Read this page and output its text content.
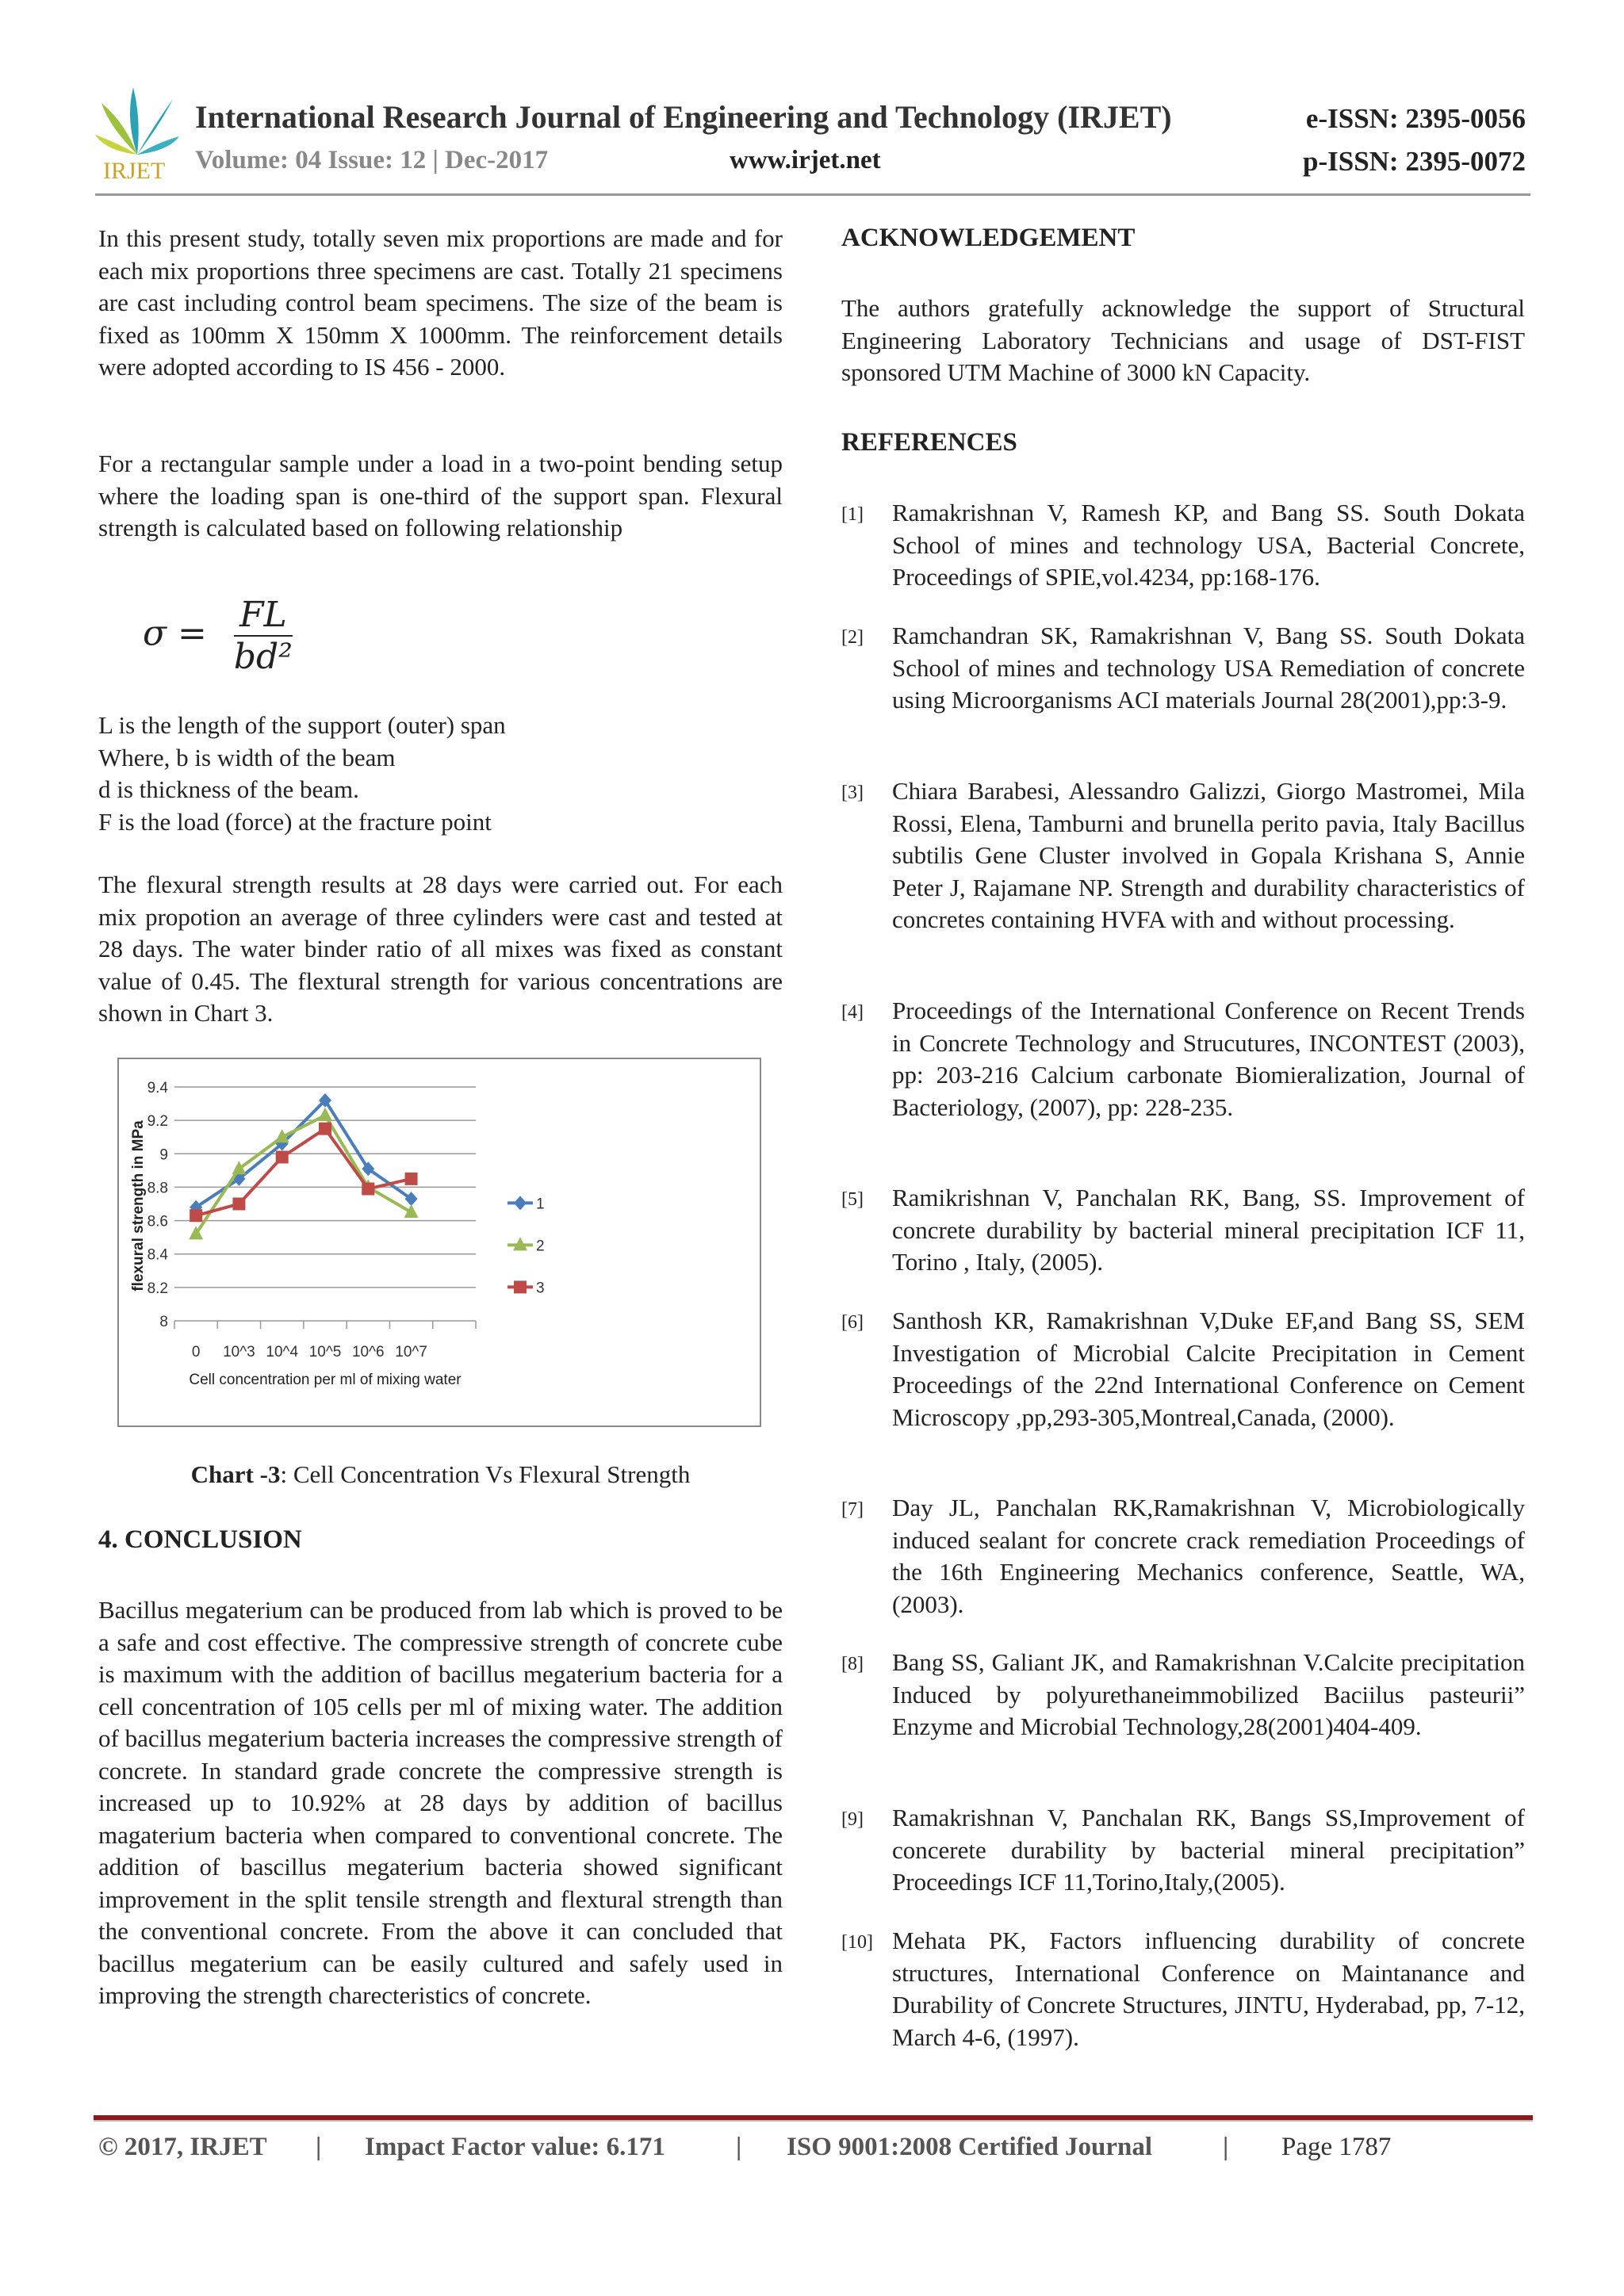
IRJET
International Research Journal of Engineering and Technology (IRJET)
Volume: 04 Issue: 12 | Dec-2017	www.irjet.net
e-ISSN: 2395-0056
p-ISSN: 2395-0072
In this present study, totally seven mix proportions are made and for each mix proportions three specimens are cast. Totally 21 specimens are cast including control beam specimens. The size of the beam is fixed as 100mm X 150mm X 1000mm. The reinforcement details were adopted according to IS 456 - 2000.
For a rectangular sample under a load in a two-point bending setup where the loading span is one-third of the support span. Flexural strength is calculated based on following relationship
$\sigma = \frac{FL}{\text{bd²}}$
L is the length of the support (outer) span
Where, b is width of the beam
d is thickness of the beam.
F is the load (force) at the fracture point
The flexural strength results at 28 days were carried out. For each mix propotion an average of three cylinders were cast and tested at 28 days. The water binder ratio of all mixes was fixed as constant value of 0.45. The flextural strength for various concentrations are shown in Chart 3.
8
8.2
8.4
8.6
8.8
9
9.2
9.4
0 10^3 10^4 10^5 10^6 10^7
Cell concentration per ml of mixing water
flexural strength in MPa	1
2
3
Chart -3: Cell Concentration Vs Flexural Strength
4. CONCLUSION
Bacillus megaterium can be produced from lab which is proved to be a safe and cost effective. The compressive strength of concrete cube is maximum with the addition of bacillus megaterium bacteria for a cell concentration of 105 cells per ml of mixing water. The addition of bacillus megaterium bacteria increases the compressive strength of concrete. In standard grade concrete the compressive strength is increased up to 10.92% at 28 days by addition of bacillus magaterium bacteria when compared to conventional concrete. The addition of bascillus megaterium bacteria showed significant improvement in the split tensile strength and flextural strength than the conventional concrete. From the above it can concluded that bacillus megaterium can be easily cultured and safely used in improving the strength charecteristics of concrete.
ACKNOWLEDGEMENT
The authors gratefully acknowledge the support of Structural Engineering Laboratory Technicians and usage of DST-FIST sponsored UTM Machine of 3000 kN Capacity.
REFERENCES
[1] Ramakrishnan V, Ramesh KP, and Bang SS. South Dokata School of mines and technology USA, Bacterial Concrete, Proceedings of SPIE,vol.4234, pp:168-176.
[2] Ramchandran SK, Ramakrishnan V, Bang SS. South Dokata School of mines and technology USA Remediation of concrete using Microorganisms ACI materials Journal 28(2001),pp:3-9.
[3] Chiara Barabesi, Alessandro Galizzi, Giorgo Mastromei, Mila Rossi, Elena, Tamburni and brunella perito pavia, Italy Bacillus subtilis Gene Cluster involved in Gopala Krishana S, Annie Peter J, Rajamane NP. Strength and durability characteristics of concretes containing HVFA with and without processing.
[4] Proceedings of the International Conference on Recent Trends in Concrete Technology and Strucutures, INCONTEST (2003), pp: 203-216 Calcium carbonate Biomieralization, Journal of Bacteriology, (2007), pp: 228-235.
[5] Ramikrishnan V, Panchalan RK, Bang, SS. Improvement of concrete durability by bacterial mineral precipitation ICF 11, Torino , Italy, (2005).
[6] Santhosh KR, Ramakrishnan V,Duke EF,and Bang SS, SEM Investigation of Microbial Calcite Precipitation in Cement Proceedings of the 22nd International Conference on Cement Microscopy ,pp,293-305,Montreal,Canada, (2000).
[7] Day JL, Panchalan RK,Ramakrishnan V, Microbiologically induced sealant for concrete crack remediation Proceedings of the 16th Engineering Mechanics conference, Seattle, WA, (2003).
[8] Bang SS, Galiant JK, and Ramakrishnan V.Calcite precipitation Induced by polyurethaneimmobilized Baciilus pasteurii” Enzyme and Microbial Technology,28(2001)404-409.
[9] Ramakrishnan V, Panchalan RK, Bangs SS,Improvement of concerete durability by bacterial mineral precipitation” Proceedings ICF 11,Torino,Italy,(2005).
[10] Mehata PK, Factors influencing durability of concrete structures, International Conference on Maintanance and Durability of Concrete Structures, JINTU, Hyderabad, pp, 7-12, March 4-6, (1997).
© 2017, IRJET | Impact Factor value: 6.171	| ISO 9001:2008 Certified Journal	| Page 1787
